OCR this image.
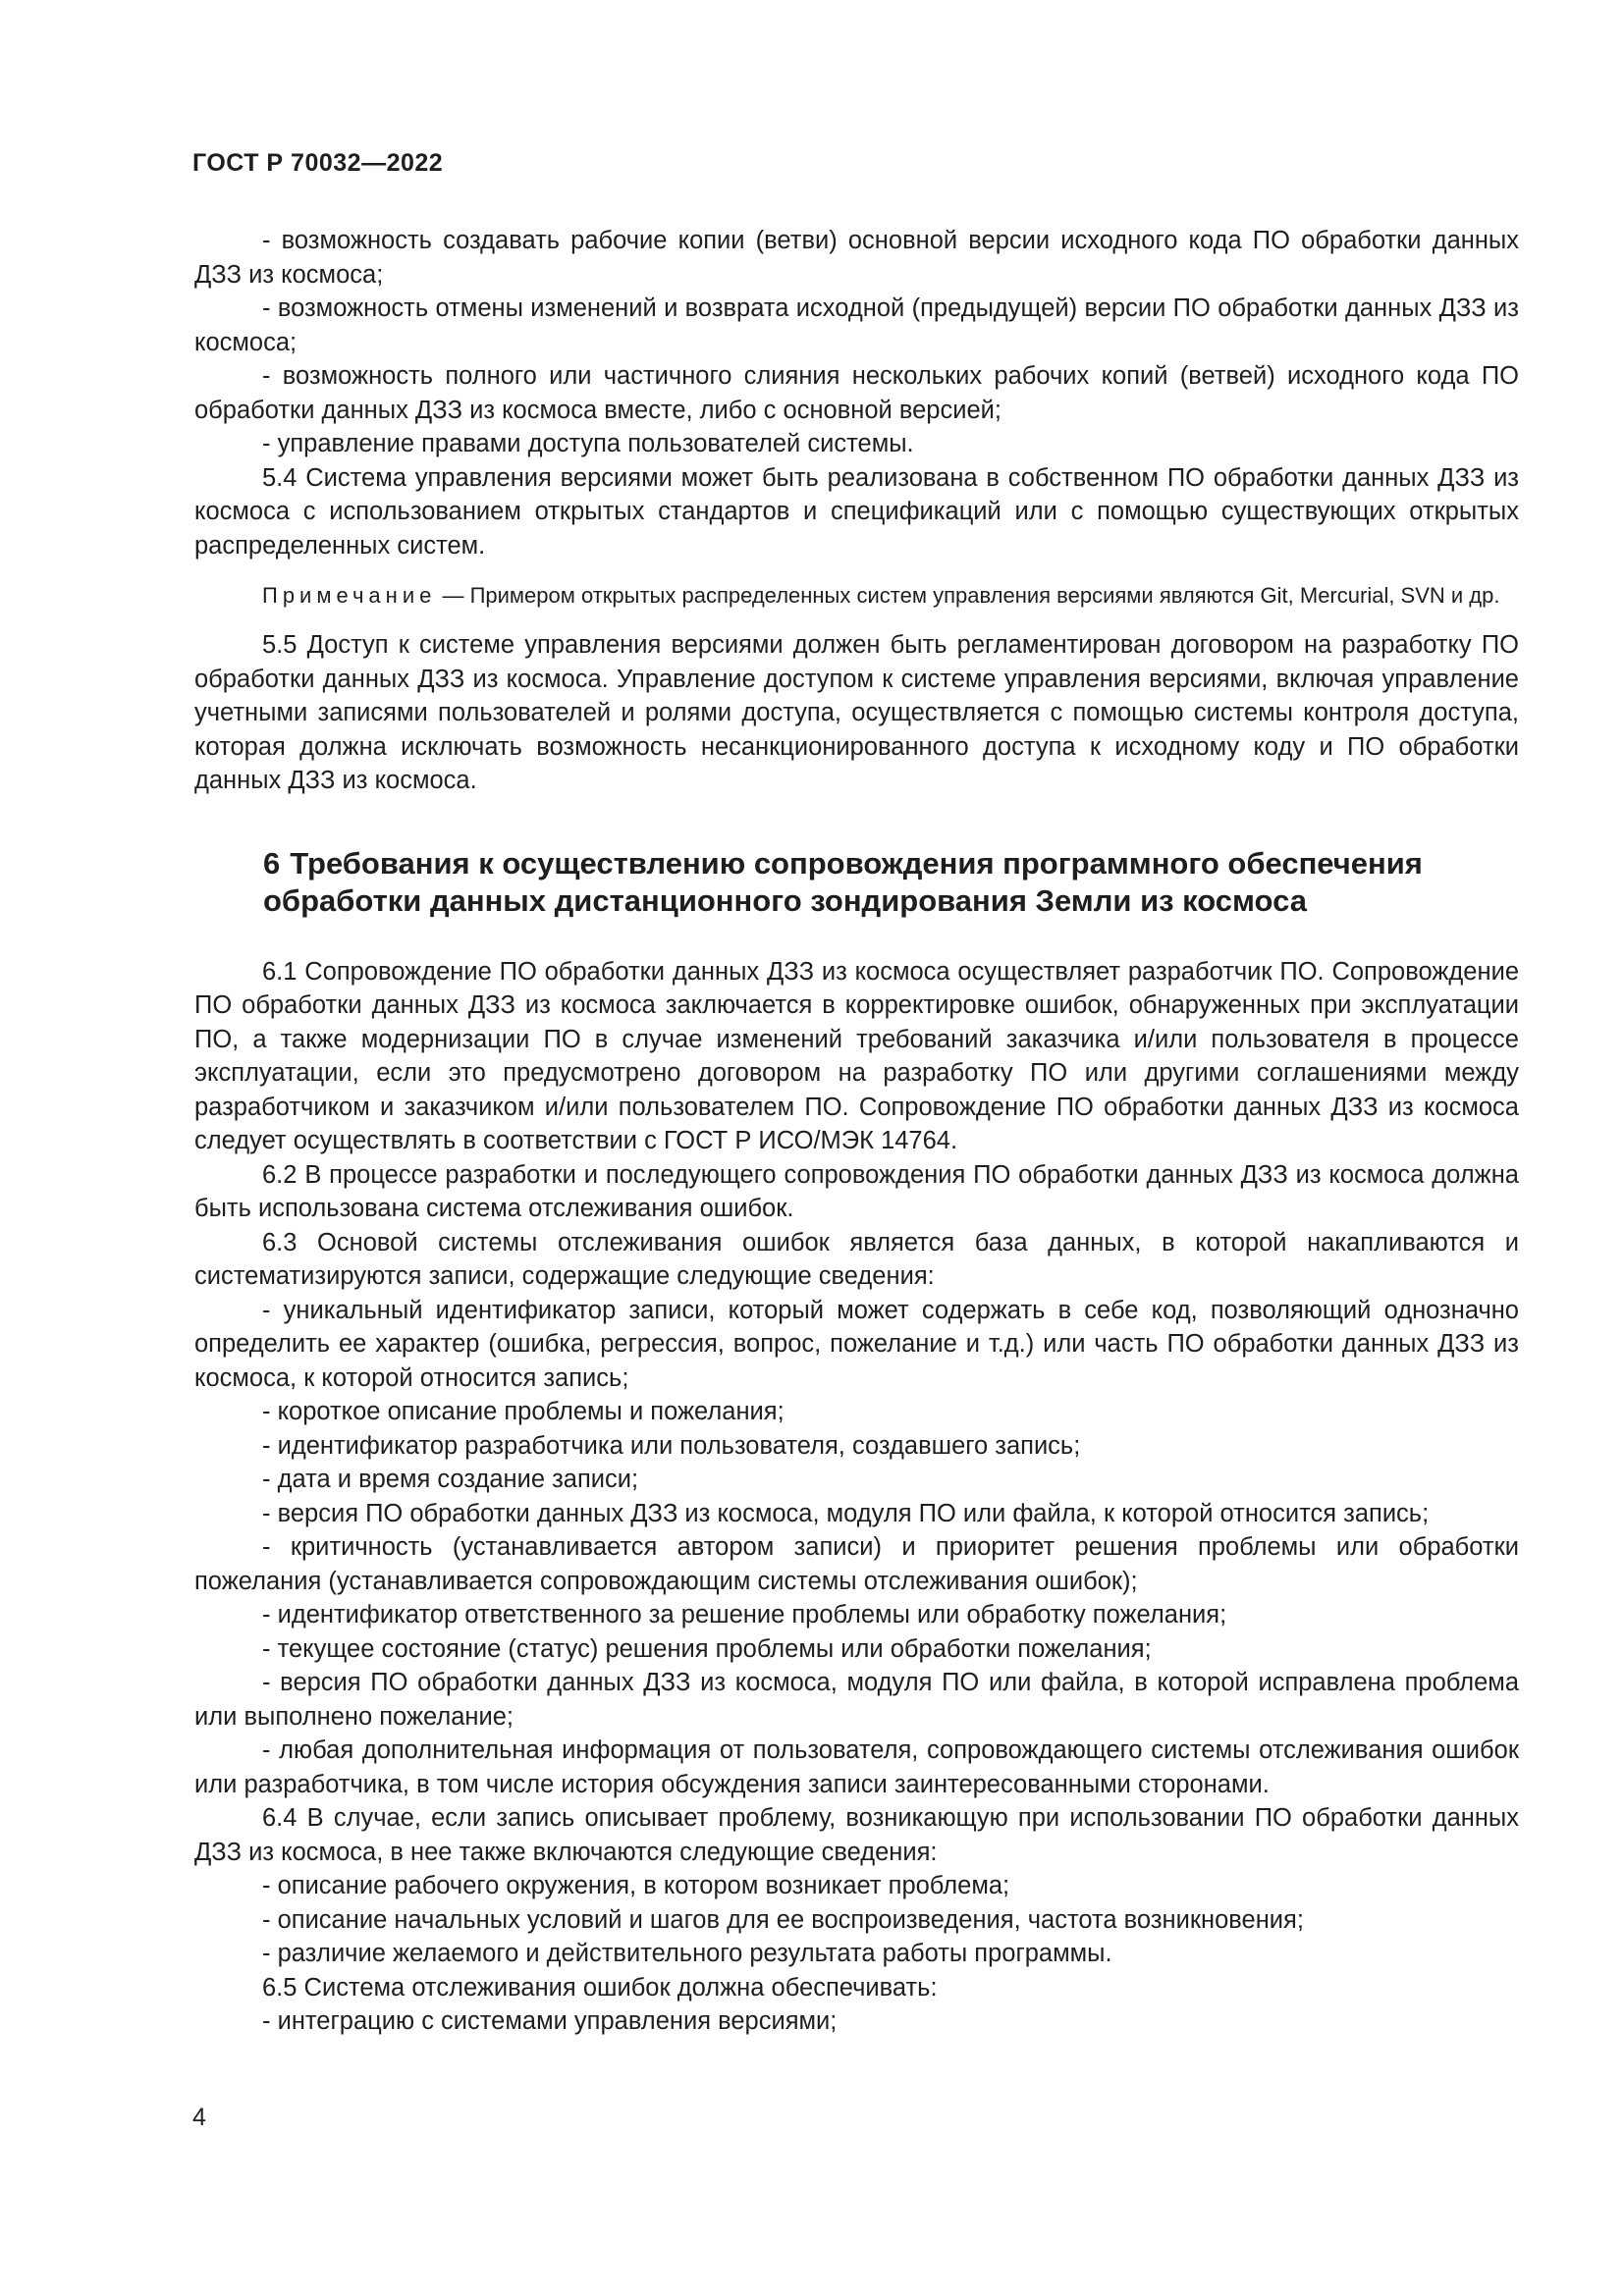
ГОСТ Р 70032—2022

- возможность создавать рабочие копии (ветви) основной версии исходного кода ПО обработки данных ДЗЗ из космоса;

- возможность отмены изменений и возврата исходной (предыдущей) версии ПО обработки данных ДЗЗ из космоса;

- возможность полного или частичного слияния нескольких рабочих копий (ветвей) исходного кода ПО обработки данных ДЗЗ из космоса вместе, либо с основной версией;

- управление правами доступа пользователей системы.

5.4 Система управления версиями может быть реализована в собственном ПО обработки данных ДЗЗ из космоса с использованием открытых стандартов и спецификаций или с помощью существующих открытых распределенных систем.

Примечание — Примером открытых распределенных систем управления версиями являются Git, Mercurial, SVN и др.

5.5 Доступ к системе управления версиями должен быть регламентирован договором на разработку ПО обработки данных ДЗЗ из космоса. Управление доступом к системе управления версиями, включая управление учетными записями пользователей и ролями доступа, осуществляется с помощью системы контроля доступа, которая должна исключать возможность несанкционированного доступа к исходному коду и ПО обработки данных ДЗЗ из космоса.

6 Требования к осуществлению сопровождения программного обеспечения обработки данных дистанционного зондирования Земли из космоса

6.1 Сопровождение ПО обработки данных ДЗЗ из космоса осуществляет разработчик ПО. Сопровождение ПО обработки данных ДЗЗ из космоса заключается в корректировке ошибок, обнаруженных при эксплуатации ПО, а также модернизации ПО в случае изменений требований заказчика и/или пользователя в процессе эксплуатации, если это предусмотрено договором на разработку ПО или другими соглашениями между разработчиком и заказчиком и/или пользователем ПО. Сопровождение ПО обработки данных ДЗЗ из космоса следует осуществлять в соответствии с ГОСТ Р ИСО/МЭК 14764.

6.2 В процессе разработки и последующего сопровождения ПО обработки данных ДЗЗ из космоса должна быть использована система отслеживания ошибок.

6.3 Основой системы отслеживания ошибок является база данных, в которой накапливаются и систематизируются записи, содержащие следующие сведения:

- уникальный идентификатор записи, который может содержать в себе код, позволяющий однозначно определить ее характер (ошибка, регрессия, вопрос, пожелание и т.д.) или часть ПО обработки данных ДЗЗ из космоса, к которой относится запись;

- короткое описание проблемы и пожелания;

- идентификатор разработчика или пользователя, создавшего запись;

- дата и время создание записи;

- версия ПО обработки данных ДЗЗ из космоса, модуля ПО или файла, к которой относится запись;

- критичность (устанавливается автором записи) и приоритет решения проблемы или обработки пожелания (устанавливается сопровождающим системы отслеживания ошибок);

- идентификатор ответственного за решение проблемы или обработку пожелания;

- текущее состояние (статус) решения проблемы или обработки пожелания;

- версия ПО обработки данных ДЗЗ из космоса, модуля ПО или файла, в которой исправлена проблема или выполнено пожелание;

- любая дополнительная информация от пользователя, сопровождающего системы отслеживания ошибок или разработчика, в том числе история обсуждения записи заинтересованными сторонами.

6.4 В случае, если запись описывает проблему, возникающую при использовании ПО обработки данных ДЗЗ из космоса, в нее также включаются следующие сведения:

- описание рабочего окружения, в котором возникает проблема;

- описание начальных условий и шагов для ее воспроизведения, частота возникновения;

- различие желаемого и действительного результата работы программы.

6.5 Система отслеживания ошибок должна обеспечивать:

- интеграцию с системами управления версиями;

4
